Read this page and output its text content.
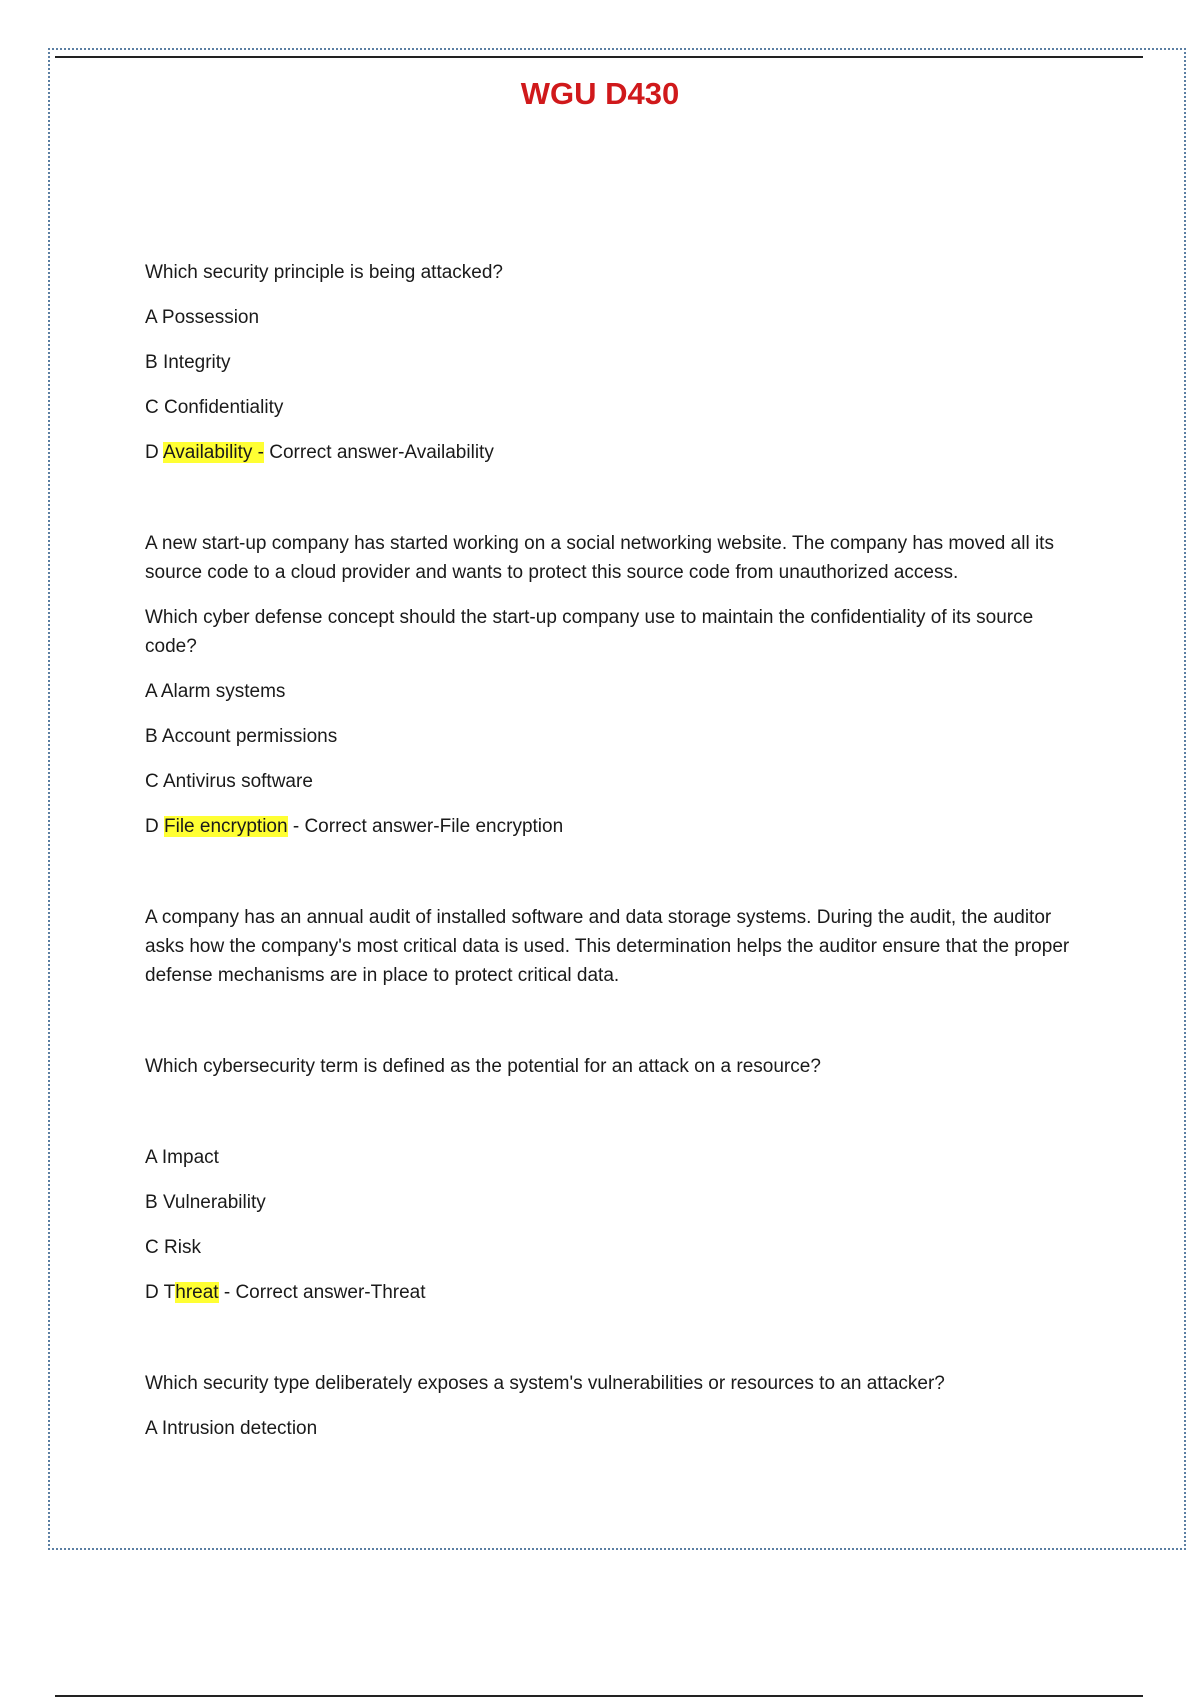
WGU D430

Which security principle is being attacked?

A Possession

B Integrity

C Confidentiality

D Availability - Correct answer-Availability

A new start-up company has started working on a social networking website. The company has moved all its source code to a cloud provider and wants to protect this source code from unauthorized access.

Which cyber defense concept should the start-up company use to maintain the confidentiality of its source code?

A Alarm systems

B Account permissions

C Antivirus software

D File encryption - Correct answer-File encryption

A company has an annual audit of installed software and data storage systems. During the audit, the auditor asks how the company's most critical data is used. This determination helps the auditor ensure that the proper defense mechanisms are in place to protect critical data.

Which cybersecurity term is defined as the potential for an attack on a resource?

A Impact

B Vulnerability

C Risk

D Threat - Correct answer-Threat

Which security type deliberately exposes a system's vulnerabilities or resources to an attacker?

A Intrusion detection
